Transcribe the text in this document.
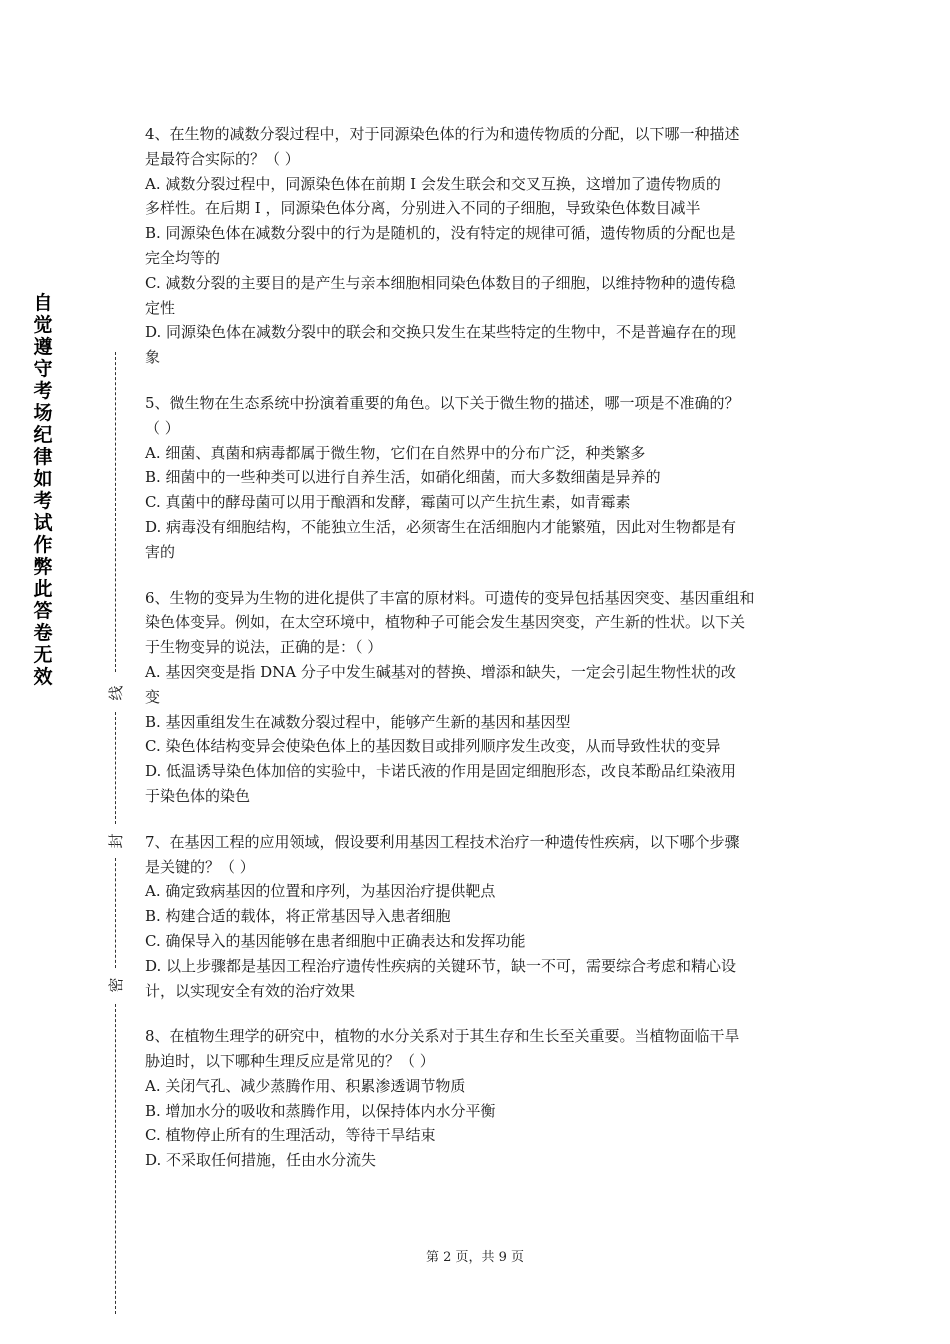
自觉遵守考场纪律如考试作弊此答卷无效
线
封
密
4、在生物的减数分裂过程中，对于同源染色体的行为和遗传物质的分配，以下哪一种描述
是最符合实际的？（ ）
A. 减数分裂过程中，同源染色体在前期 I 会发生联会和交叉互换，这增加了遗传物质的
多样性。在后期 I ，同源染色体分离，分别进入不同的子细胞，导致染色体数目减半
B. 同源染色体在减数分裂中的行为是随机的，没有特定的规律可循，遗传物质的分配也是
完全均等的
C. 减数分裂的主要目的是产生与亲本细胞相同染色体数目的子细胞，以维持物种的遗传稳
定性
D. 同源染色体在减数分裂中的联会和交换只发生在某些特定的生物中，不是普遍存在的现
象
5、微生物在生态系统中扮演着重要的角色。以下关于微生物的描述，哪一项是不准确的？
（ ）
A. 细菌、真菌和病毒都属于微生物，它们在自然界中的分布广泛，种类繁多
B. 细菌中的一些种类可以进行自养生活，如硝化细菌，而大多数细菌是异养的
C. 真菌中的酵母菌可以用于酿酒和发酵，霉菌可以产生抗生素，如青霉素
D. 病毒没有细胞结构，不能独立生活，必须寄生在活细胞内才能繁殖，因此对生物都是有
害的
6、生物的变异为生物的进化提供了丰富的原材料。可遗传的变异包括基因突变、基因重组和
染色体变异。例如，在太空环境中，植物种子可能会发生基因突变，产生新的性状。以下关
于生物变异的说法，正确的是：（ ）
A. 基因突变是指 DNA 分子中发生碱基对的替换、增添和缺失，一定会引起生物性状的改
变
B. 基因重组发生在减数分裂过程中，能够产生新的基因和基因型
C. 染色体结构变异会使染色体上的基因数目或排列顺序发生改变，从而导致性状的变异
D. 低温诱导染色体加倍的实验中，卡诺氏液的作用是固定细胞形态，改良苯酚品红染液用
于染色体的染色
7、在基因工程的应用领域，假设要利用基因工程技术治疗一种遗传性疾病，以下哪个步骤
是关键的？（ ）
A. 确定致病基因的位置和序列，为基因治疗提供靶点
B. 构建合适的载体，将正常基因导入患者细胞
C. 确保导入的基因能够在患者细胞中正确表达和发挥功能
D. 以上步骤都是基因工程治疗遗传性疾病的关键环节，缺一不可，需要综合考虑和精心设
计，以实现安全有效的治疗效果
8、在植物生理学的研究中，植物的水分关系对于其生存和生长至关重要。当植物面临干旱
胁迫时，以下哪种生理反应是常见的？（ ）
A. 关闭气孔、减少蒸腾作用、积累渗透调节物质
B. 增加水分的吸收和蒸腾作用，以保持体内水分平衡
C. 植物停止所有的生理活动，等待干旱结束
D. 不采取任何措施，任由水分流失
第 2 页，共 9 页
